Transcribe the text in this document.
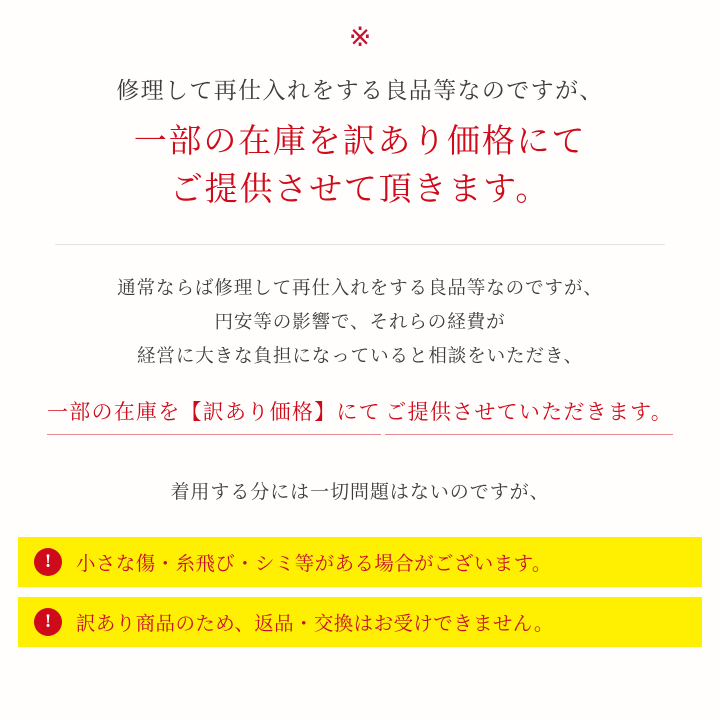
※
修理して再仕入れをする良品等なのですが、
一部の在庫を訳あり価格にて
ご提供させて頂きます。
通常ならば修理して再仕入れをする良品等なのですが、
円安等の影響で、それらの経費が
経営に大きな負担になっていると相談をいただき、
一部の在庫を【訳あり価格】にて ご提供させていただきます。
着用する分には一切問題はないのですが、
!	小さな傷・糸飛び・シミ等がある場合がございます。
!	訳あり商品のため、返品・交換はお受けできません。
